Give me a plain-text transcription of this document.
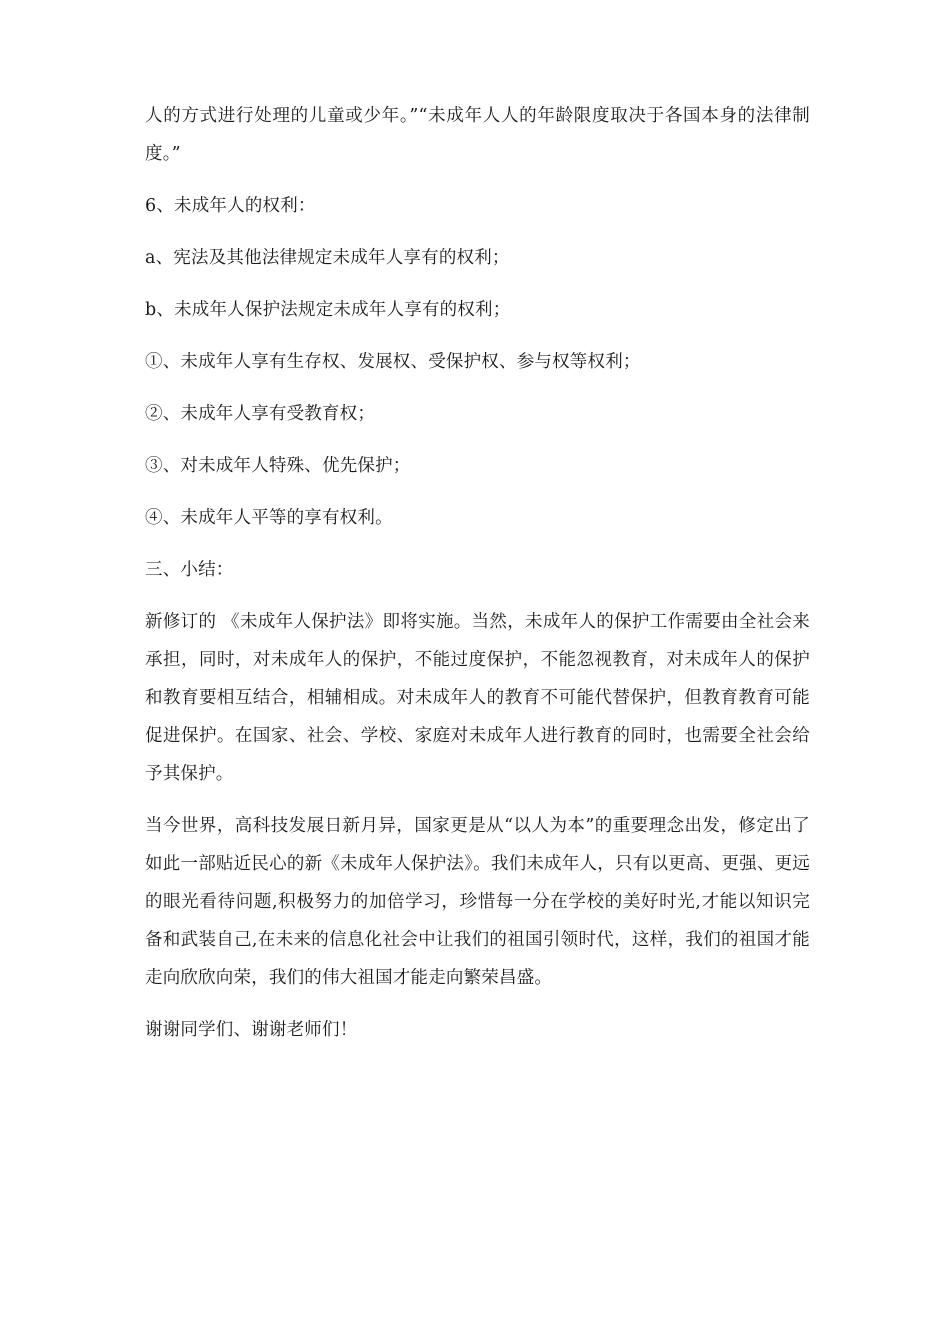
人的方式进行处理的儿童或少年。”“未成年人人的年龄限度取决于各国本身的法律制度。”

6、未成年人的权利：

a、宪法及其他法律规定未成年人享有的权利；

b、未成年人保护法规定未成年人享有的权利；

①、未成年人享有生存权、发展权、受保护权、参与权等权利；

②、未成年人享有受教育权；

③、对未成年人特殊、优先保护；

④、未成年人平等的享有权利。

三、小结：

新修订的 《未成年人保护法》即将实施。当然，未成年人的保护工作需要由全社会来承担，同时，对未成年人的保护，不能过度保护，不能忽视教育，对未成年人的保护和教育要相互结合，相辅相成。对未成年人的教育不可能代替保护，但教育教育可能促进保护。在国家、社会、学校、家庭对未成年人进行教育的同时，也需要全社会给予其保护。

当今世界，高科技发展日新月异，国家更是从“以人为本”的重要理念出发，修定出了如此一部贴近民心的新《未成年人保护法》。我们未成年人，只有以更高、更强、更远的眼光看待问题,积极努力的加倍学习，珍惜每一分在学校的美好时光,才能以知识完备和武装自己,在未来的信息化社会中让我们的祖国引领时代，这样，我们的祖国才能走向欣欣向荣，我们的伟大祖国才能走向繁荣昌盛。

谢谢同学们、谢谢老师们！
